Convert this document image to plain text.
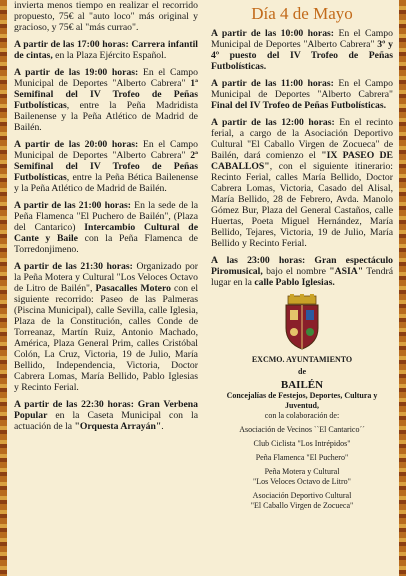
invierta menos tiempo en realizar el recorrido propuesto, 75€ al "auto loco" más original y gracioso, y 75€ al "más currao".

A partir de las 17:00 horas: Carrera infantil de cintas, en la Plaza Ejército Español.

A partir de las 19:00 horas: En el Campo Municipal de Deportes "Alberto Cabrera" 1ª Semifinal del IV Trofeo de Peñas Futbolísticas, entre la Peña Madridista Bailenense y la Peña Atlético de Madrid de Bailén.

A partir de las 20:00 horas: En el Campo Municipal de Deportes "Alberto Cabrera" 2ª Semifinal del IV Trofeo de Peñas Futbolísticas, entre la Peña Bética Bailenense y la Peña Atlético de Madrid de Bailén.

A partir de las 21:00 horas: En la sede de la Peña Flamenca "El Puchero de Bailén", (Plaza del Cantarico) Intercambio Cultural de Cante y Baile con la Peña Flamenca de Torredonjimeno.

A partir de las 21:30 horas: Organizado por la Peña Motera y Cultural "Los Veloces Octavo de Litro de Bailén", Pasacalles Motero con el siguiente recorrido: Paseo de las Palmeras (Piscina Municipal), calle Sevilla, calle Iglesia, Plaza de la Constitución, calles Conde de Torreanaz, Martín Ruiz, Antonio Machado, América, Plaza General Prim, calles Cristóbal Colón, La Cruz, Victoria, 19 de Julio, María Bellido, Independencia, Victoria, Doctor Cabrera Lomas, María Bellido, Pablo Iglesias y Recinto Ferial.

A partir de las 22:30 horas: Gran Verbena Popular en la Caseta Municipal con la actuación de la "Orquesta Arrayán".

Día 4 de Mayo

A partir de las 10:00 horas: En el Campo Municipal de Deportes "Alberto Cabrera" 3º y 4º puesto del IV Trofeo de Peñas Futbolísticas.

A partir de las 11:00 horas: En el Campo Municipal de Deportes "Alberto Cabrera" Final del IV Trofeo de Peñas Futbolísticas.

A partir de las 12:00 horas: En el recinto ferial, a cargo de la Asociación Deportivo Cultural "El Caballo Virgen de Zocueca" de Bailén, dará comienzo el "IX PASEO DE CABALLOS", con el siguiente itinerario: Recinto Ferial, calles María Bellido, Doctor Cabrera Lomas, Victoria, Casado del Alisal, María Bellido, 28 de Febrero, Avda. Manolo Gómez Bur, Plaza del General Castaños, calle Huertas, Poeta Miguel Hernández, María Bellido, Tejares, Victoria, 19 de Julio, María Bellido y Recinto Ferial.

A las 23:00 horas: Gran espectáculo Piromusical, bajo el nombre "ASIA" Tendrá lugar en la calle Pablo Iglesias.

EXCMO. AYUNTAMIENTO
de
BAILÉN
Concejalías de Festejos, Deportes, Cultura y Juventud,
con la colaboración de:
Asociación de Vecinos ``El Cantarico´´
Club Ciclista "Los Intrépidos"
Peña Flamenca "El Puchero"
Peña Motera y Cultural
"Los Veloces Octavo de Litro"
Asociación Deportivo Cultural
"El Caballo Virgen de Zocueca"
